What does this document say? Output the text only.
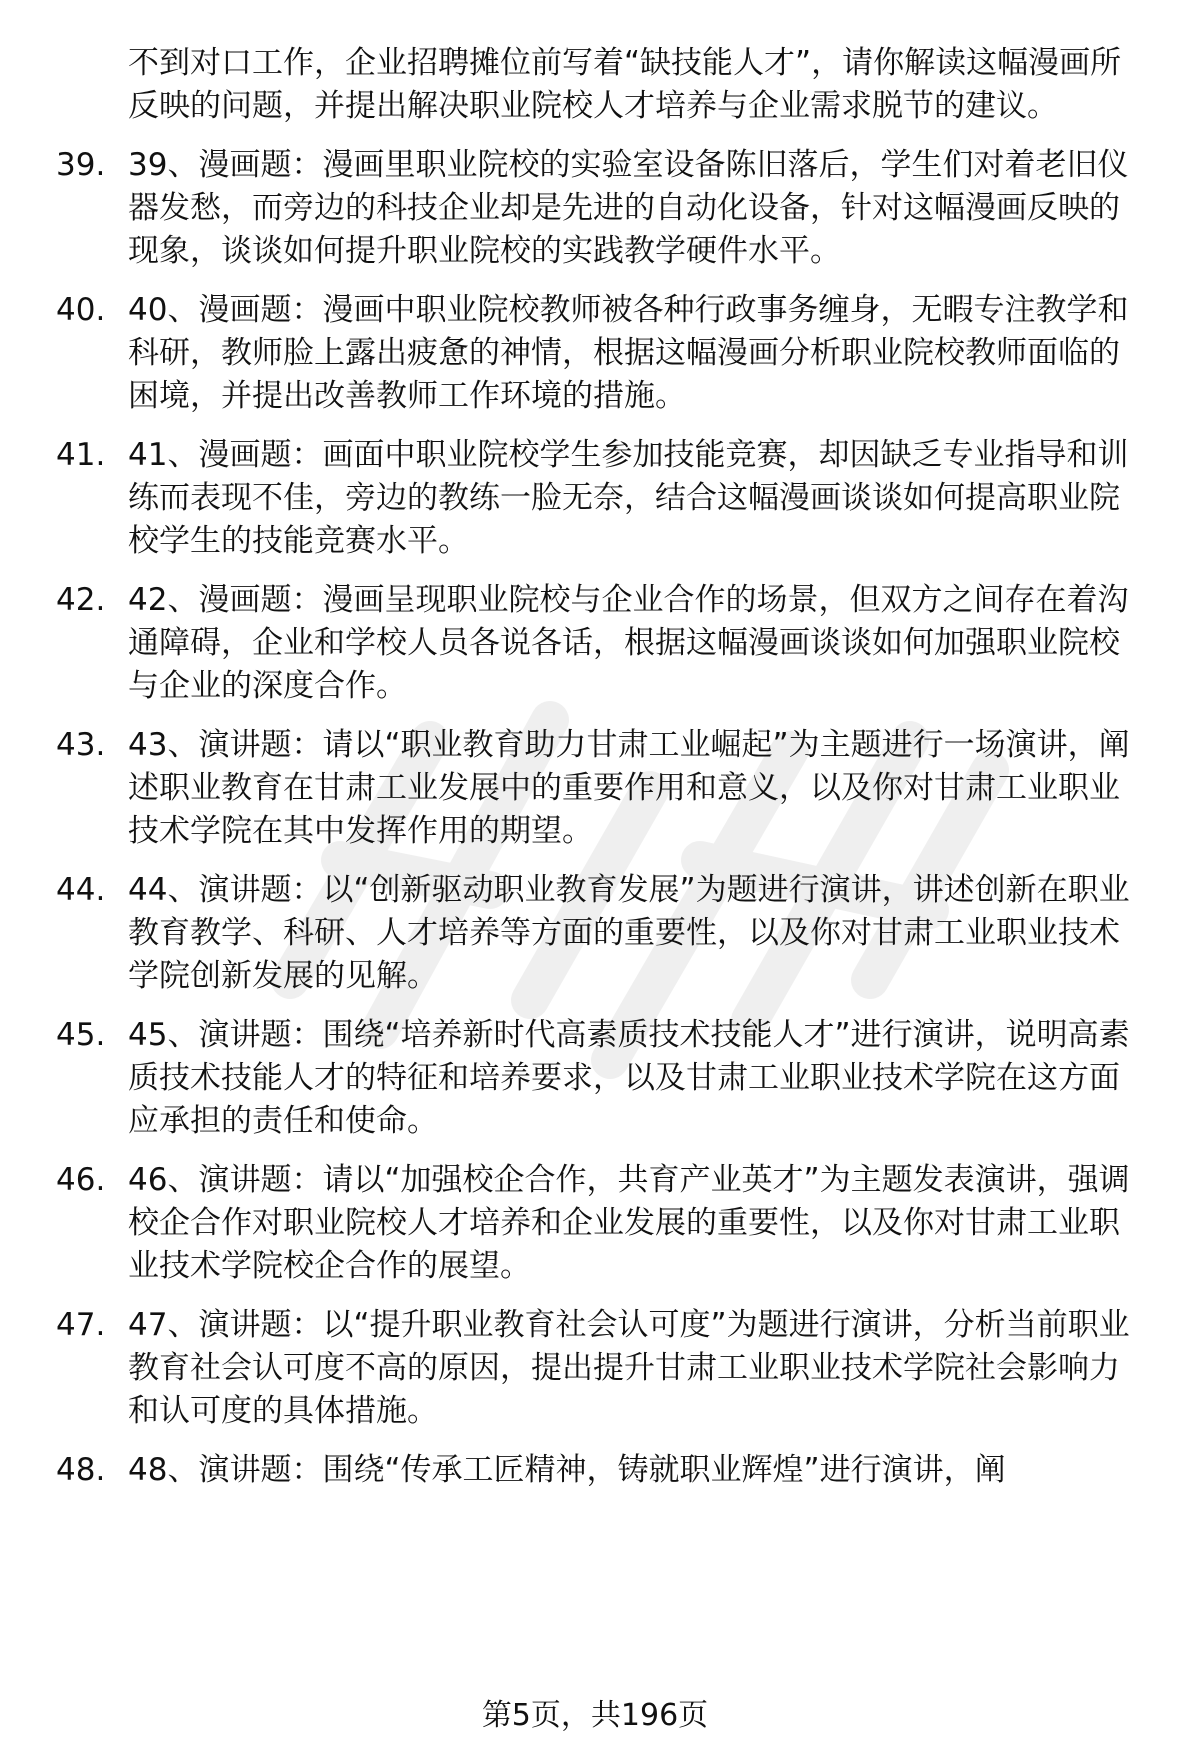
不到对口工作，企业招聘摊位前写着“缺技能人才”，请你解读这幅漫画所反映的问题，并提出解决职业院校人才培养与企业需求脱节的建议。
39. 39、漫画题：漫画里职业院校的实验室设备陈旧落后，学生们对着老旧仪器发愁，而旁边的科技企业却是先进的自动化设备，针对这幅漫画反映的现象，谈谈如何提升职业院校的实践教学硬件水平。
40. 40、漫画题：漫画中职业院校教师被各种行政事务缠身，无暇专注教学和科研，教师脸上露出疲惫的神情，根据这幅漫画分析职业院校教师面临的困境，并提出改善教师工作环境的措施。
41. 41、漫画题：画面中职业院校学生参加技能竞赛，却因缺乏专业指导和训练而表现不佳，旁边的教练一脸无奈，结合这幅漫画谈谈如何提高职业院校学生的技能竞赛水平。
42. 42、漫画题：漫画呈现职业院校与企业合作的场景，但双方之间存在着沟通障碍，企业和学校人员各说各话，根据这幅漫画谈谈如何加强职业院校与企业的深度合作。
43. 43、演讲题：请以“职业教育助力甘肃工业崛起”为主题进行一场演讲，阐述职业教育在甘肃工业发展中的重要作用和意义，以及你对甘肃工业职业技术学院在其中发挥作用的期望。
44. 44、演讲题：以“创新驱动职业教育发展”为题进行演讲，讲述创新在职业教育教学、科研、人才培养等方面的重要性，以及你对甘肃工业职业技术学院创新发展的见解。
45. 45、演讲题：围绕“培养新时代高素质技术技能人才”进行演讲，说明高素质技术技能人才的特征和培养要求，以及甘肃工业职业技术学院在这方面应承担的责任和使命。
46. 46、演讲题：请以“加强校企合作，共育产业英才”为主题发表演讲，强调校企合作对职业院校人才培养和企业发展的重要性，以及你对甘肃工业职业技术学院校企合作的展望。
47. 47、演讲题：以“提升职业教育社会认可度”为题进行演讲，分析当前职业教育社会认可度不高的原因，提出提升甘肃工业职业技术学院社会影响力和认可度的具体措施。
48. 48、演讲题：围绕“传承工匠精神，铸就职业辉煌”进行演讲，阐
第5页，共196页
